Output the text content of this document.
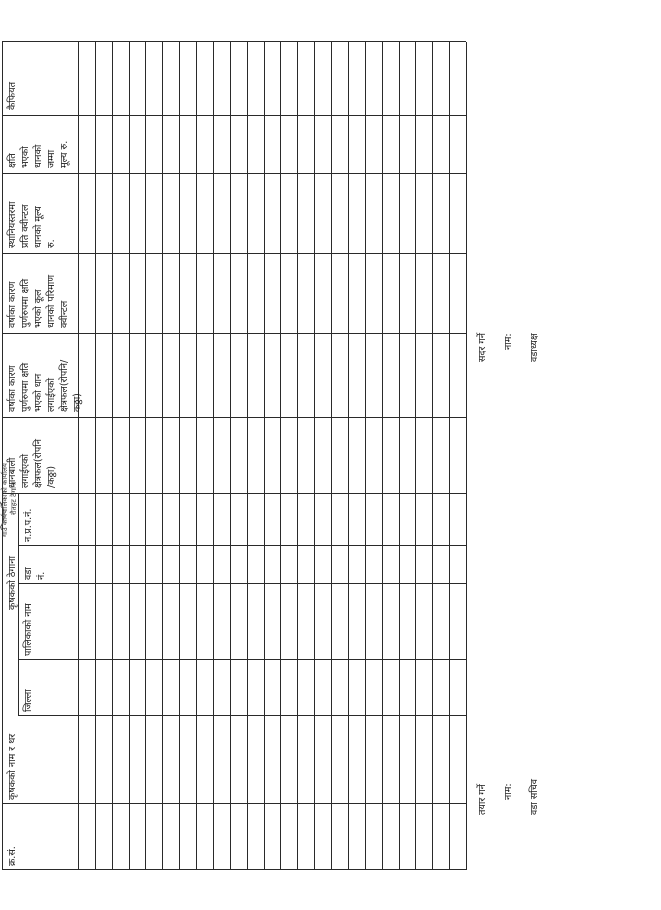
क्र.सं.
कृषकको नाम र थर
कृषकको ठेगाना
जिल्ला
पालिकाको नाम
वडा
नं.
न.प्र.प.नं.
धानबाली
लगाईएको
क्षेत्रफल(रोपनि
/कठ्ठा)
वर्षाका कारण
पुर्णरुपमा क्षति
भएको धान
लगाईएको
क्षेत्रफल(रोपनि/
कठ्ठा)
वर्षाका कारण
पुर्णरुपमा क्षति
भएको कूल
धानको परिमाण
क्वीन्टल
स्थानियस्तरमा
प्रति क्वीन्टल
धानको मूल्य
रु.
क्षति
भएको
धानको
जम्मा
मूल्य रु.
कैफियत
तयार गर्ने नाम: वडा सचिव
सदर गर्ने नाम: वडाध्यक्ष
गाउँ कार्यपालिकाको कार्यालय रौतहट ठेगाना
